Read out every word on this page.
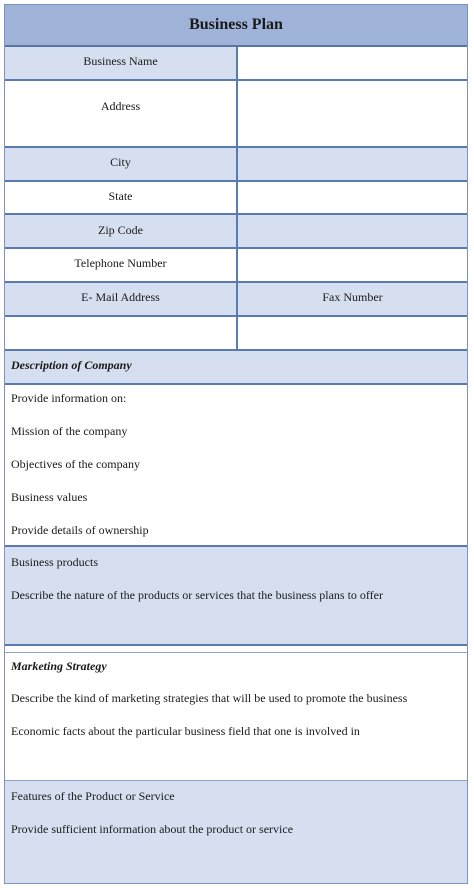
Business Plan
Business Name
Address
City
State
Zip Code
Telephone Number
E- Mail Address	Fax Number
Description of Company
Provide information on:
Mission of the company
Objectives of the company
Business values
Provide details of ownership
Business products
Describe the nature of the products or services that the business plans to offer
Marketing Strategy
Describe the kind of marketing strategies that will be used to promote the business
Economic facts about the particular business field that one is involved in
Features of the Product or Service
Provide sufficient information about the product or service
